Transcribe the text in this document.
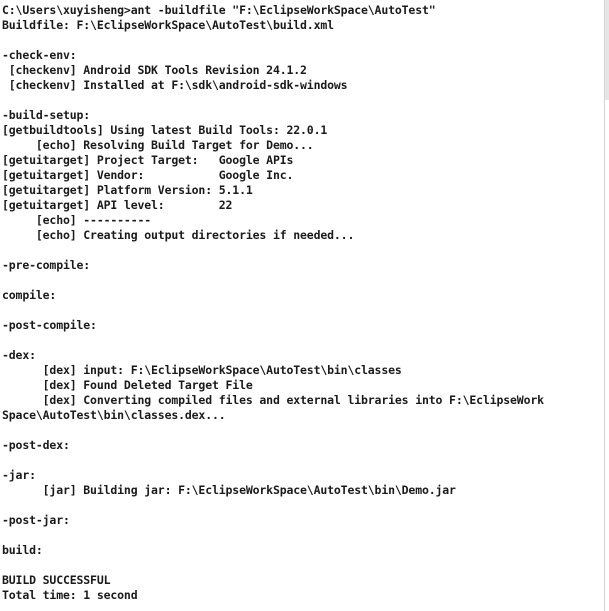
C:\Users\xuyisheng>ant -buildfile "F:\EclipseWorkSpace\AutoTest"
Buildfile: F:\EclipseWorkSpace\AutoTest\build.xml
-check-env:
[checkenv] Android SDK Tools Revision 24.1.2
[checkenv] Installed at F:\sdk\android-sdk-windows
-build-setup:
[getbuildtools] Using latest Build Tools: 22.0.1
[echo] Resolving Build Target for Demo...
[getuitarget] Project Target:   Google APIs
[getuitarget] Vendor:           Google Inc.
[getuitarget] Platform Version: 5.1.1
[getuitarget] API level:        22
[echo] ----------
[echo] Creating output directories if needed...
-pre-compile:
compile:
-post-compile:
-dex:
[dex] input: F:\EclipseWorkSpace\AutoTest\bin\classes
[dex] Found Deleted Target File
[dex] Converting compiled files and external libraries into F:\EclipseWork
Space\AutoTest\bin\classes.dex...
-post-dex:
-jar:
[jar] Building jar: F:\EclipseWorkSpace\AutoTest\bin\Demo.jar
-post-jar:
build:
BUILD SUCCESSFUL
Total time: 1 second
